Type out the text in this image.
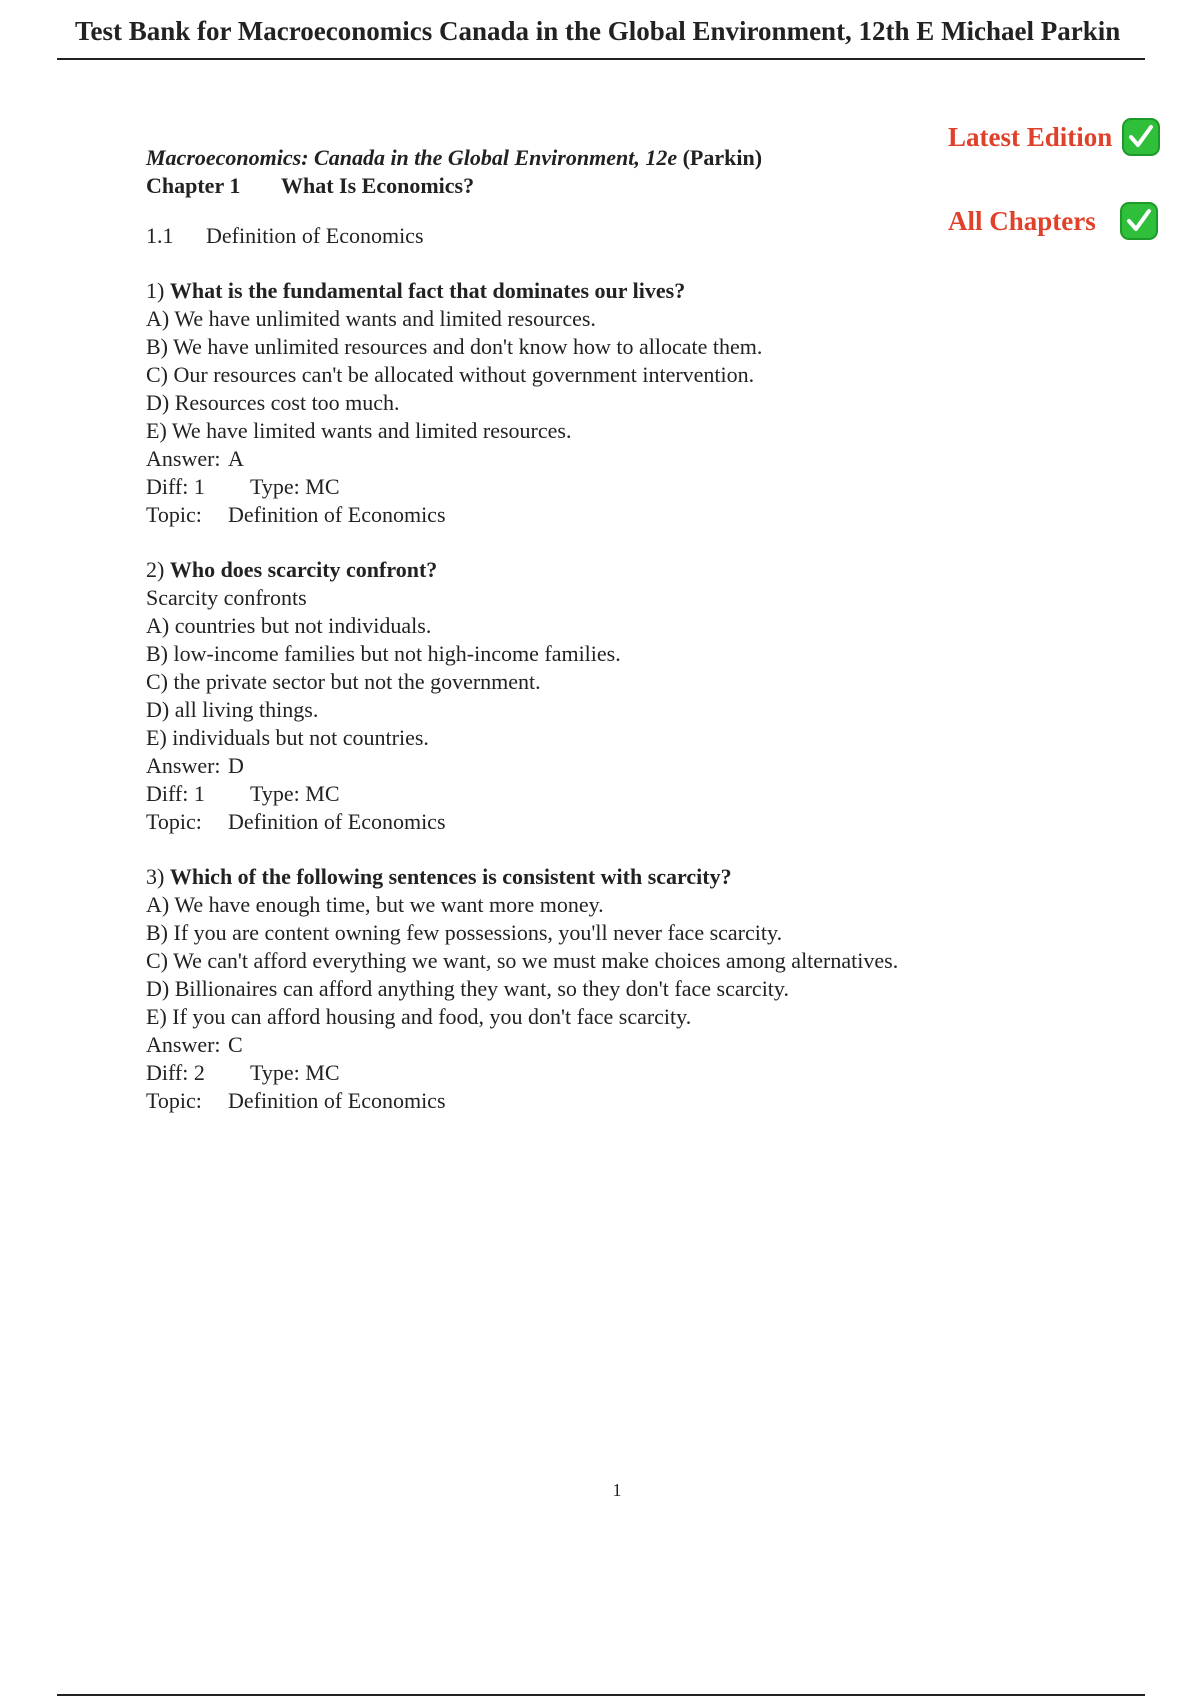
Test Bank for Macroeconomics Canada in the Global Environment, 12th E Michael Parkin
Latest Edition
All Chapters
Macroeconomics: Canada in the Global Environment, 12e (Parkin)
Chapter 1 What Is Economics?
1.1 Definition of Economics
1) What is the fundamental fact that dominates our lives?
A) We have unlimited wants and limited resources.
B) We have unlimited resources and don't know how to allocate them.
C) Our resources can't be allocated without government intervention.
D) Resources cost too much.
E) We have limited wants and limited resources.
Answer: A
Diff: 1 Type: MC
Topic: Definition of Economics
2) Who does scarcity confront?
Scarcity confronts
A) countries but not individuals.
B) low-income families but not high-income families.
C) the private sector but not the government.
D) all living things.
E) individuals but not countries.
Answer: D
Diff: 1 Type: MC
Topic: Definition of Economics
3) Which of the following sentences is consistent with scarcity?
A) We have enough time, but we want more money.
B) If you are content owning few possessions, you'll never face scarcity.
C) We can't afford everything we want, so we must make choices among alternatives.
D) Billionaires can afford anything they want, so they don't face scarcity.
E) If you can afford housing and food, you don't face scarcity.
Answer: C
Diff: 2 Type: MC
Topic: Definition of Economics
1
